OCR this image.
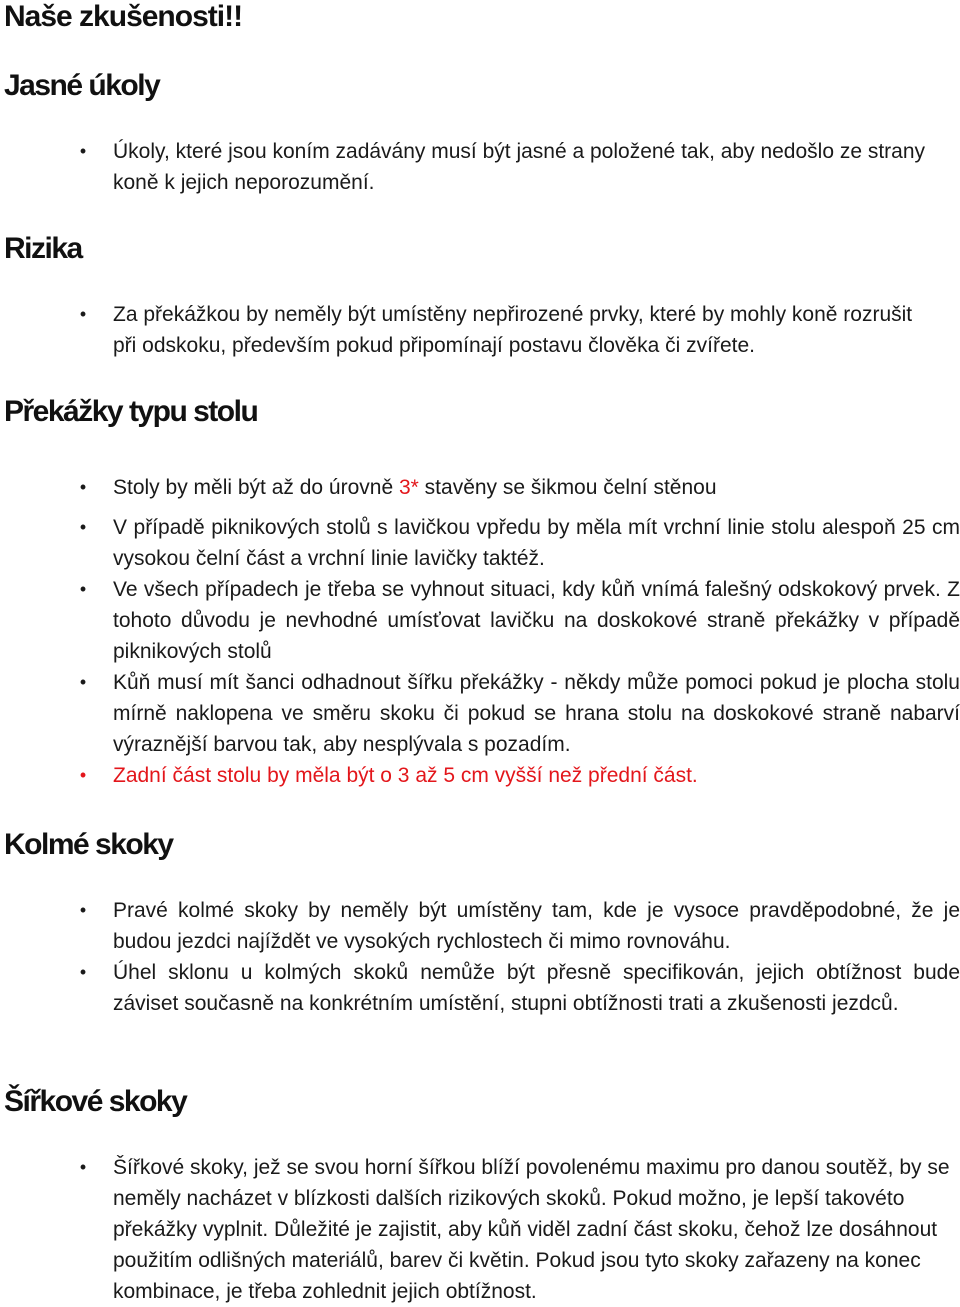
Naše zkušenosti!!
Jasné úkoly
• Úkoly, které jsou koním zadávány musí být jasné a položené tak, aby nedošlo ze strany koně k jejich neporozumění.
Rizika
• Za překážkou by neměly být umístěny nepřirozené prvky, které by mohly koně rozrušit při odskoku, především pokud připomínají postavu člověka či zvířete.
Překážky typu stolu
• Stoly by měli být až do úrovně 3* stavěny se šikmou čelní stěnou
• V případě piknikových stolů s lavičkou vpředu by měla mít vrchní linie stolu alespoň 25 cm vysokou čelní část a vrchní linie lavičky taktéž.
• Ve všech případech je třeba se vyhnout situaci, kdy kůň vnímá falešný odskokový prvek. Z tohoto důvodu je nevhodné umísťovat lavičku na doskokové straně překážky v případě piknikových stolů
• Kůň musí mít šanci odhadnout šířku překážky - někdy může pomoci pokud je plocha stolu mírně naklopena ve směru skoku či pokud se hrana stolu na doskokové straně nabarví výraznější barvou tak, aby nesplývala s pozadím.
• Zadní část stolu by měla být o 3 až 5 cm vyšší než přední část.
Kolmé skoky
• Pravé kolmé skoky by neměly být umístěny tam, kde je vysoce pravděpodobné, že je budou jezdci najíždět ve vysokých rychlostech či mimo rovnováhu.
• Úhel sklonu u kolmých skoků nemůže být přesně specifikován, jejich obtížnost bude záviset současně na konkrétním umístění, stupni obtížnosti trati a zkušenosti jezdců.
Šířkové skoky
• Šířkové skoky, jež se svou horní šířkou blíží povolenému maximu pro danou soutěž, by se neměly nacházet v blízkosti dalších rizikových skoků. Pokud možno, je lepší takovéto překážky vyplnit. Důležité je zajistit, aby kůň viděl zadní část skoku, čehož lze dosáhnout použitím odlišných materiálů, barev či květin. Pokud jsou tyto skoky zařazeny na konec kombinace, je třeba zohlednit jejich obtížnost.
